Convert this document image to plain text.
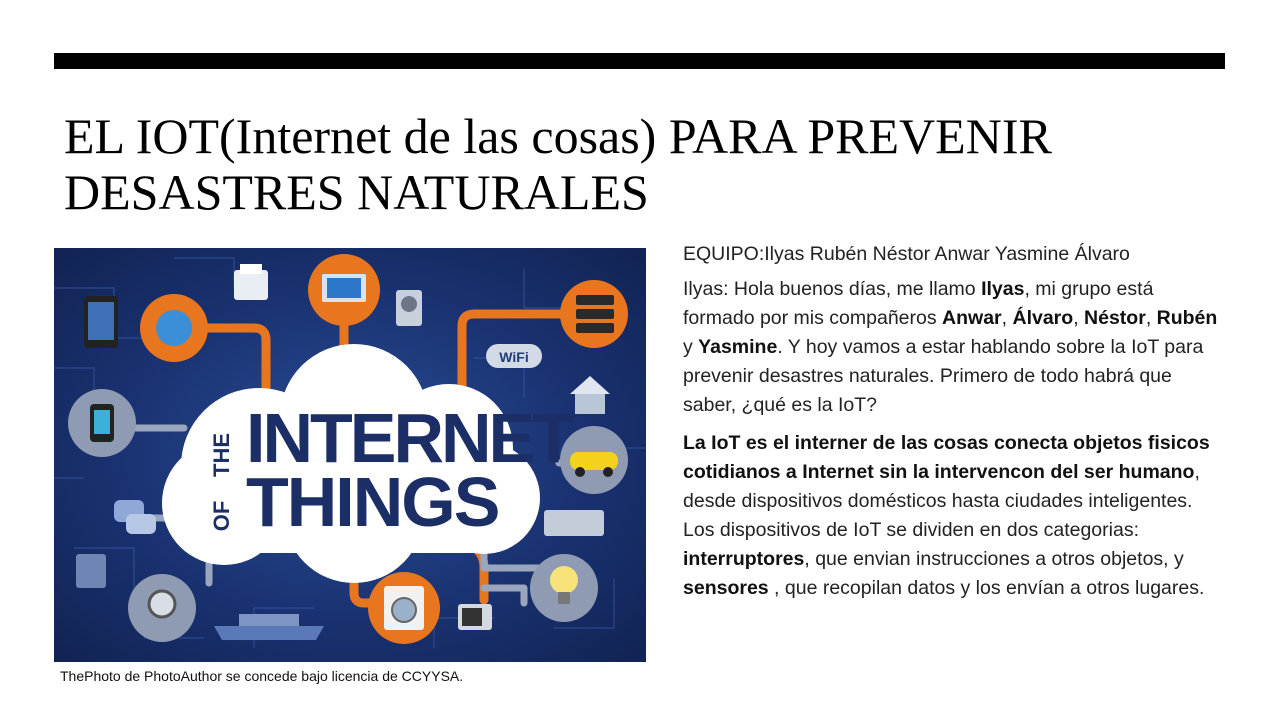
EL IOT(Internet de las cosas) PARA PREVENIR
DESASTRES NATURALES
WiFi
THE INTERNET
OF THINGS
ThePhoto de PhotoAuthor se concede bajo licencia de CCYYSA.

EQUIPO:Ilyas Rubén Néstor Anwar Yasmine Álvaro

Ilyas: Hola buenos días, me llamo Ilyas, mi grupo está formado por mis compañeros Anwar, Álvaro, Néstor, Rubén y Yasmine. Y hoy vamos a estar hablando sobre la IoT para prevenir desastres naturales. Primero de todo habrá que saber, ¿qué es la IoT?

La IoT es el interner de las cosas conecta objetos fisicos cotidianos a Internet sin la intervencon del ser humano, desde dispositivos domésticos hasta ciudades inteligentes. Los dispositivos de IoT se dividen en dos categorias: interruptores, que envian instrucciones a otros objetos, y sensores , que recopilan datos y los envían a otros lugares.
